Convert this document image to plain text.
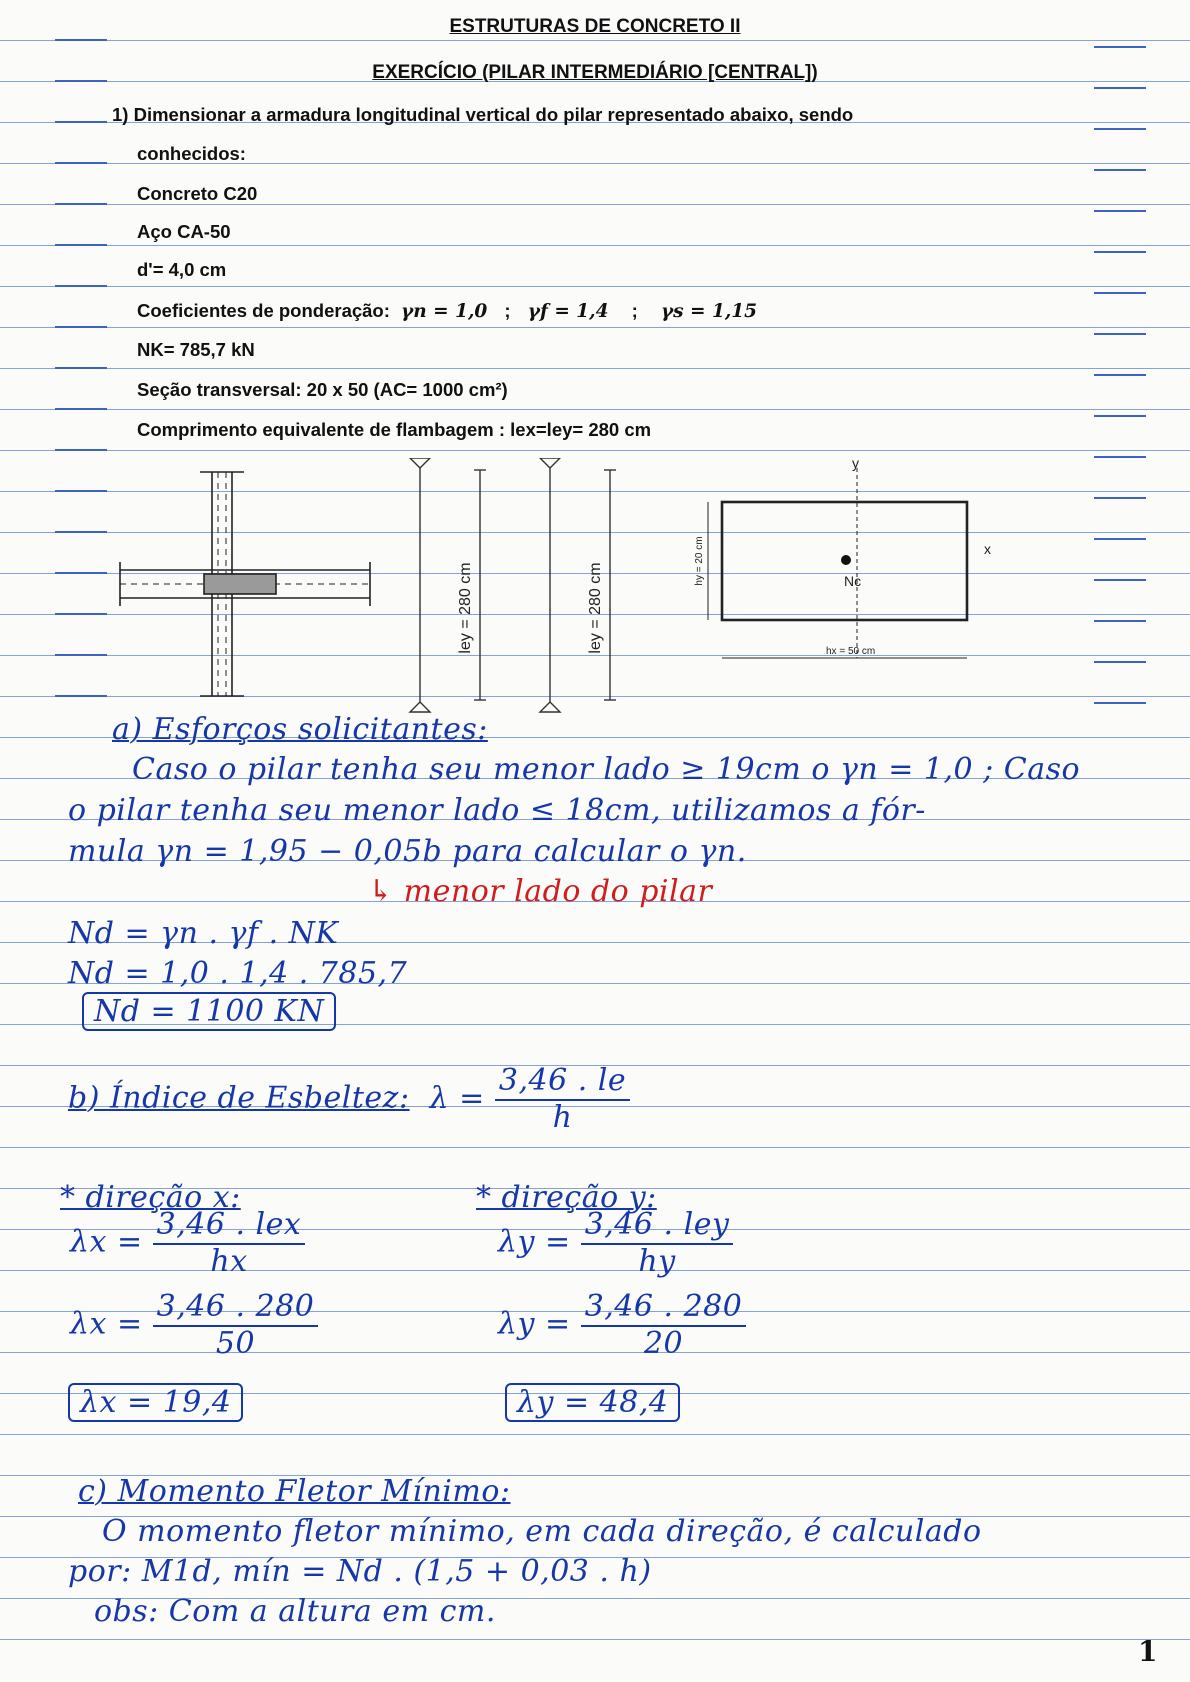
ESTRUTURAS DE CONCRETO II
EXERCÍCIO (PILAR INTERMEDIÁRIO [CENTRAL])
1) Dimensionar a armadura longitudinal vertical do pilar representado abaixo, sendo
conhecidos:
Concreto C20
Aço CA-50
d'= 4,0 cm
Coeficientes de ponderação: γn = 1,0 ; γf = 1,4 ; γs = 1,15
NK= 785,7 kN
Seção transversal: 20 x 50 (AC= 1000 cm²)
Comprimento equivalente de flambagem : lex=ley= 280 cm
ley = 280 cm	ley = 280 cm
y
x
Nc
hx = 50 cm
hy = 20 cm
a) Esforços solicitantes:
Caso o pilar tenha seu menor lado ≥ 19cm o γn = 1,0 ; Caso
o pilar tenha seu menor lado ≤ 18cm, utilizamos a fór-
mula γn = 1,95 − 0,05b para calcular o γn.
↳ menor lado do pilar
Nd = γn . γf . NK
Nd = 1,0 . 1,4 . 785,7
Nd = 1100 KN
b) Índice de Esbeltez: $\lambda = \frac{3,46 . le}{h}$
* direção x:	* direção y:
$\lambda x = \frac{\text{3,46 . lex}}{hx}$	$\lambda y = \frac{\text{3,46 . ley}}{hy}$
$\lambda x = \frac{3,46 . 280}{50}$	$\lambda y = \frac{3,46 . 280}{20}$
λx = 19,4	λy = 48,4
c) Momento Fletor Mínimo:
O momento fletor mínimo, em cada direção, é calculado
por: M1d, mín = Nd . (1,5 + 0,03 . h)
obs: Com a altura em cm.
1
